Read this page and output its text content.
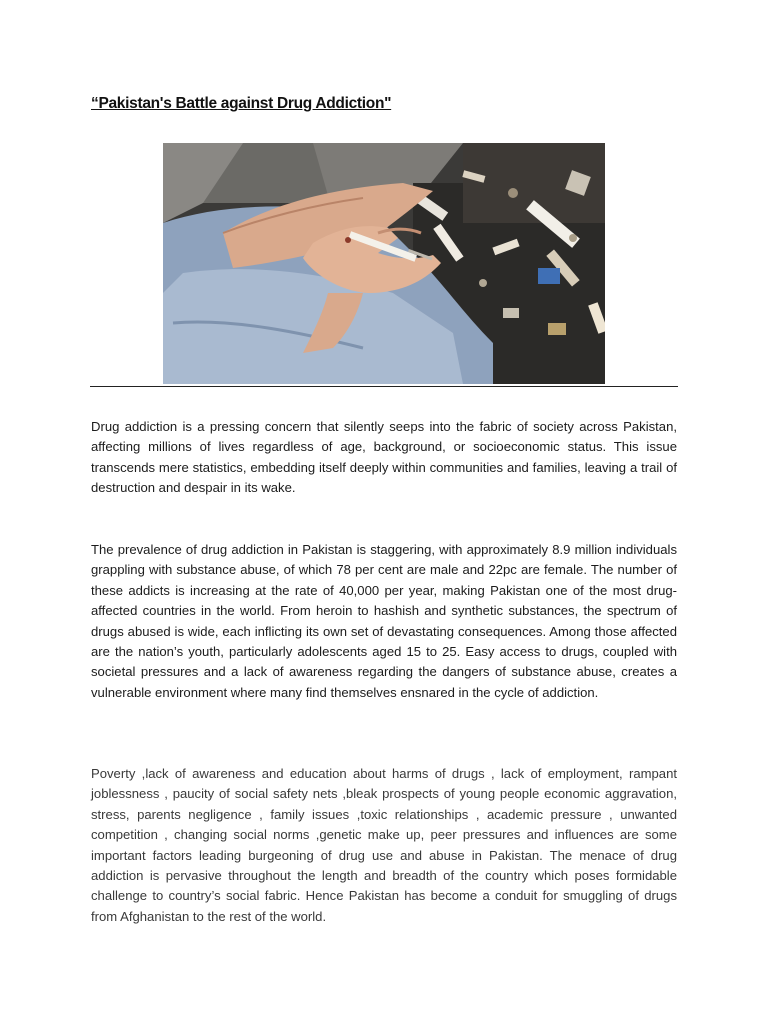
“Pakistan's Battle against Drug Addiction"

Drug addiction is a pressing concern that silently seeps into the fabric of society across Pakistan, affecting millions of lives regardless of age, background, or socioeconomic status. This issue transcends mere statistics, embedding itself deeply within communities and families, leaving a trail of destruction and despair in its wake.

The prevalence of drug addiction in Pakistan is staggering, with approximately 8.9 million individuals grappling with substance abuse, of which 78 per cent are male and 22pc are female. The number of these addicts is increasing at the rate of 40,000 per year, making Pakistan one of the most drug-affected countries in the world. From heroin to hashish and synthetic substances, the spectrum of drugs abused is wide, each inflicting its own set of devastating consequences. Among those affected are the nation’s youth, particularly adolescents aged 15 to 25. Easy access to drugs, coupled with societal pressures and a lack of awareness regarding the dangers of substance abuse, creates a vulnerable environment where many find themselves ensnared in the cycle of addiction.

Poverty ,lack of awareness and education about harms of drugs , lack of employment, rampant joblessness , paucity of social safety nets ,bleak prospects of young people economic aggravation, stress, parents negligence , family issues ,toxic relationships , academic pressure , unwanted competition , changing social norms ,genetic make up, peer pressures and influences are some important factors leading burgeoning of drug use and abuse in Pakistan. The menace of drug addiction is pervasive throughout the length and breadth of the country which poses formidable challenge to country’s social fabric. Hence Pakistan has become a conduit for smuggling of drugs from Afghanistan to the rest of the world.
